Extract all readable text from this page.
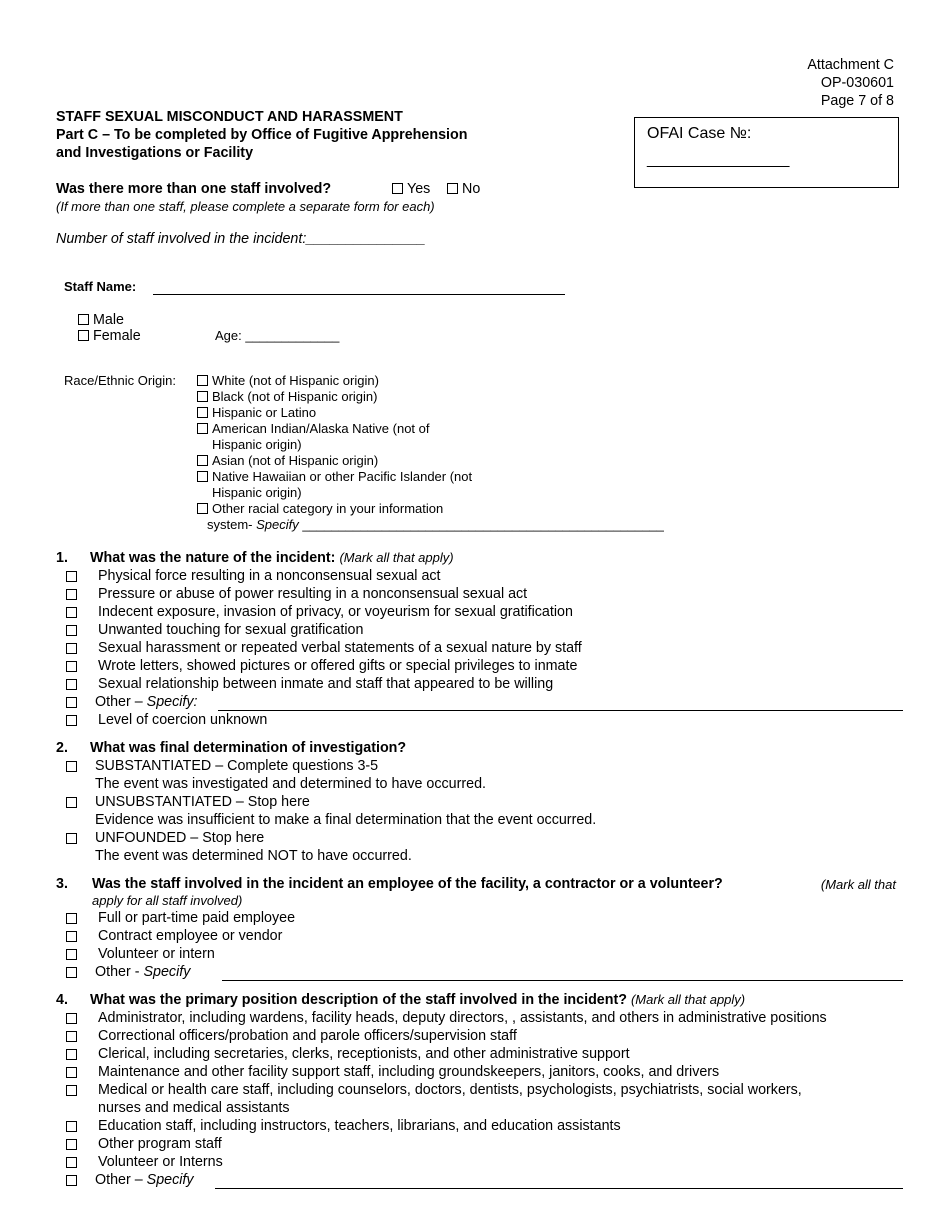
Attachment C
OP-030601
Page 7 of 8
STAFF SEXUAL MISCONDUCT AND HARASSMENT
Part C – To be completed by Office of Fugitive Apprehension
and Investigations or Facility
OFAI Case №:
________________
Was there more than one staff involved?	Yes	No
(If more than one staff, please complete a separate form for each)
Number of staff involved in the incident:_______________
Staff Name:
Male
Female	Age: _____________
Race/Ethnic Origin:	White (not of Hispanic origin)
Black (not of Hispanic origin)
Hispanic or Latino
American Indian/Alaska Native (not of
Hispanic origin)
Asian (not of Hispanic origin)
Native Hawaiian or other Pacific Islander (not
Hispanic origin)
Other racial category in your information
system- Specify __________________________________________________
1. What was the nature of the incident: (Mark all that apply)
Physical force resulting in a nonconsensual sexual act
Pressure or abuse of power resulting in a nonconsensual sexual act
Indecent exposure, invasion of privacy, or voyeurism for sexual gratification
Unwanted touching for sexual gratification
Sexual harassment or repeated verbal statements of a sexual nature by staff
Wrote letters, showed pictures or offered gifts or special privileges to inmate
Sexual relationship between inmate and staff that appeared to be willing
Other – Specify:
Level of coercion unknown
2. What was final determination of investigation?
SUBSTANTIATED – Complete questions 3-5
The event was investigated and determined to have occurred.
UNSUBSTANTIATED – Stop here
Evidence was insufficient to make a final determination that the event occurred.
UNFOUNDED – Stop here
The event was determined NOT to have occurred.
3. Was the staff involved in the incident an employee of the facility, a contractor or a volunteer?	(Mark all that
apply for all staff involved)
Full or part-time paid employee
Contract employee or vendor
Volunteer or intern
Other - Specify
4. What was the primary position description of the staff involved in the incident? (Mark all that apply)
Administrator, including wardens, facility heads, deputy directors, , assistants, and others in administrative positions
Correctional officers/probation and parole officers/supervision staff
Clerical, including secretaries, clerks, receptionists, and other administrative support
Maintenance and other facility support staff, including groundskeepers, janitors, cooks, and drivers
Medical or health care staff, including counselors, doctors, dentists, psychologists, psychiatrists, social workers,
nurses and medical assistants
Education staff, including instructors, teachers, librarians, and education assistants
Other program staff
Volunteer or Interns
Other – Specify
